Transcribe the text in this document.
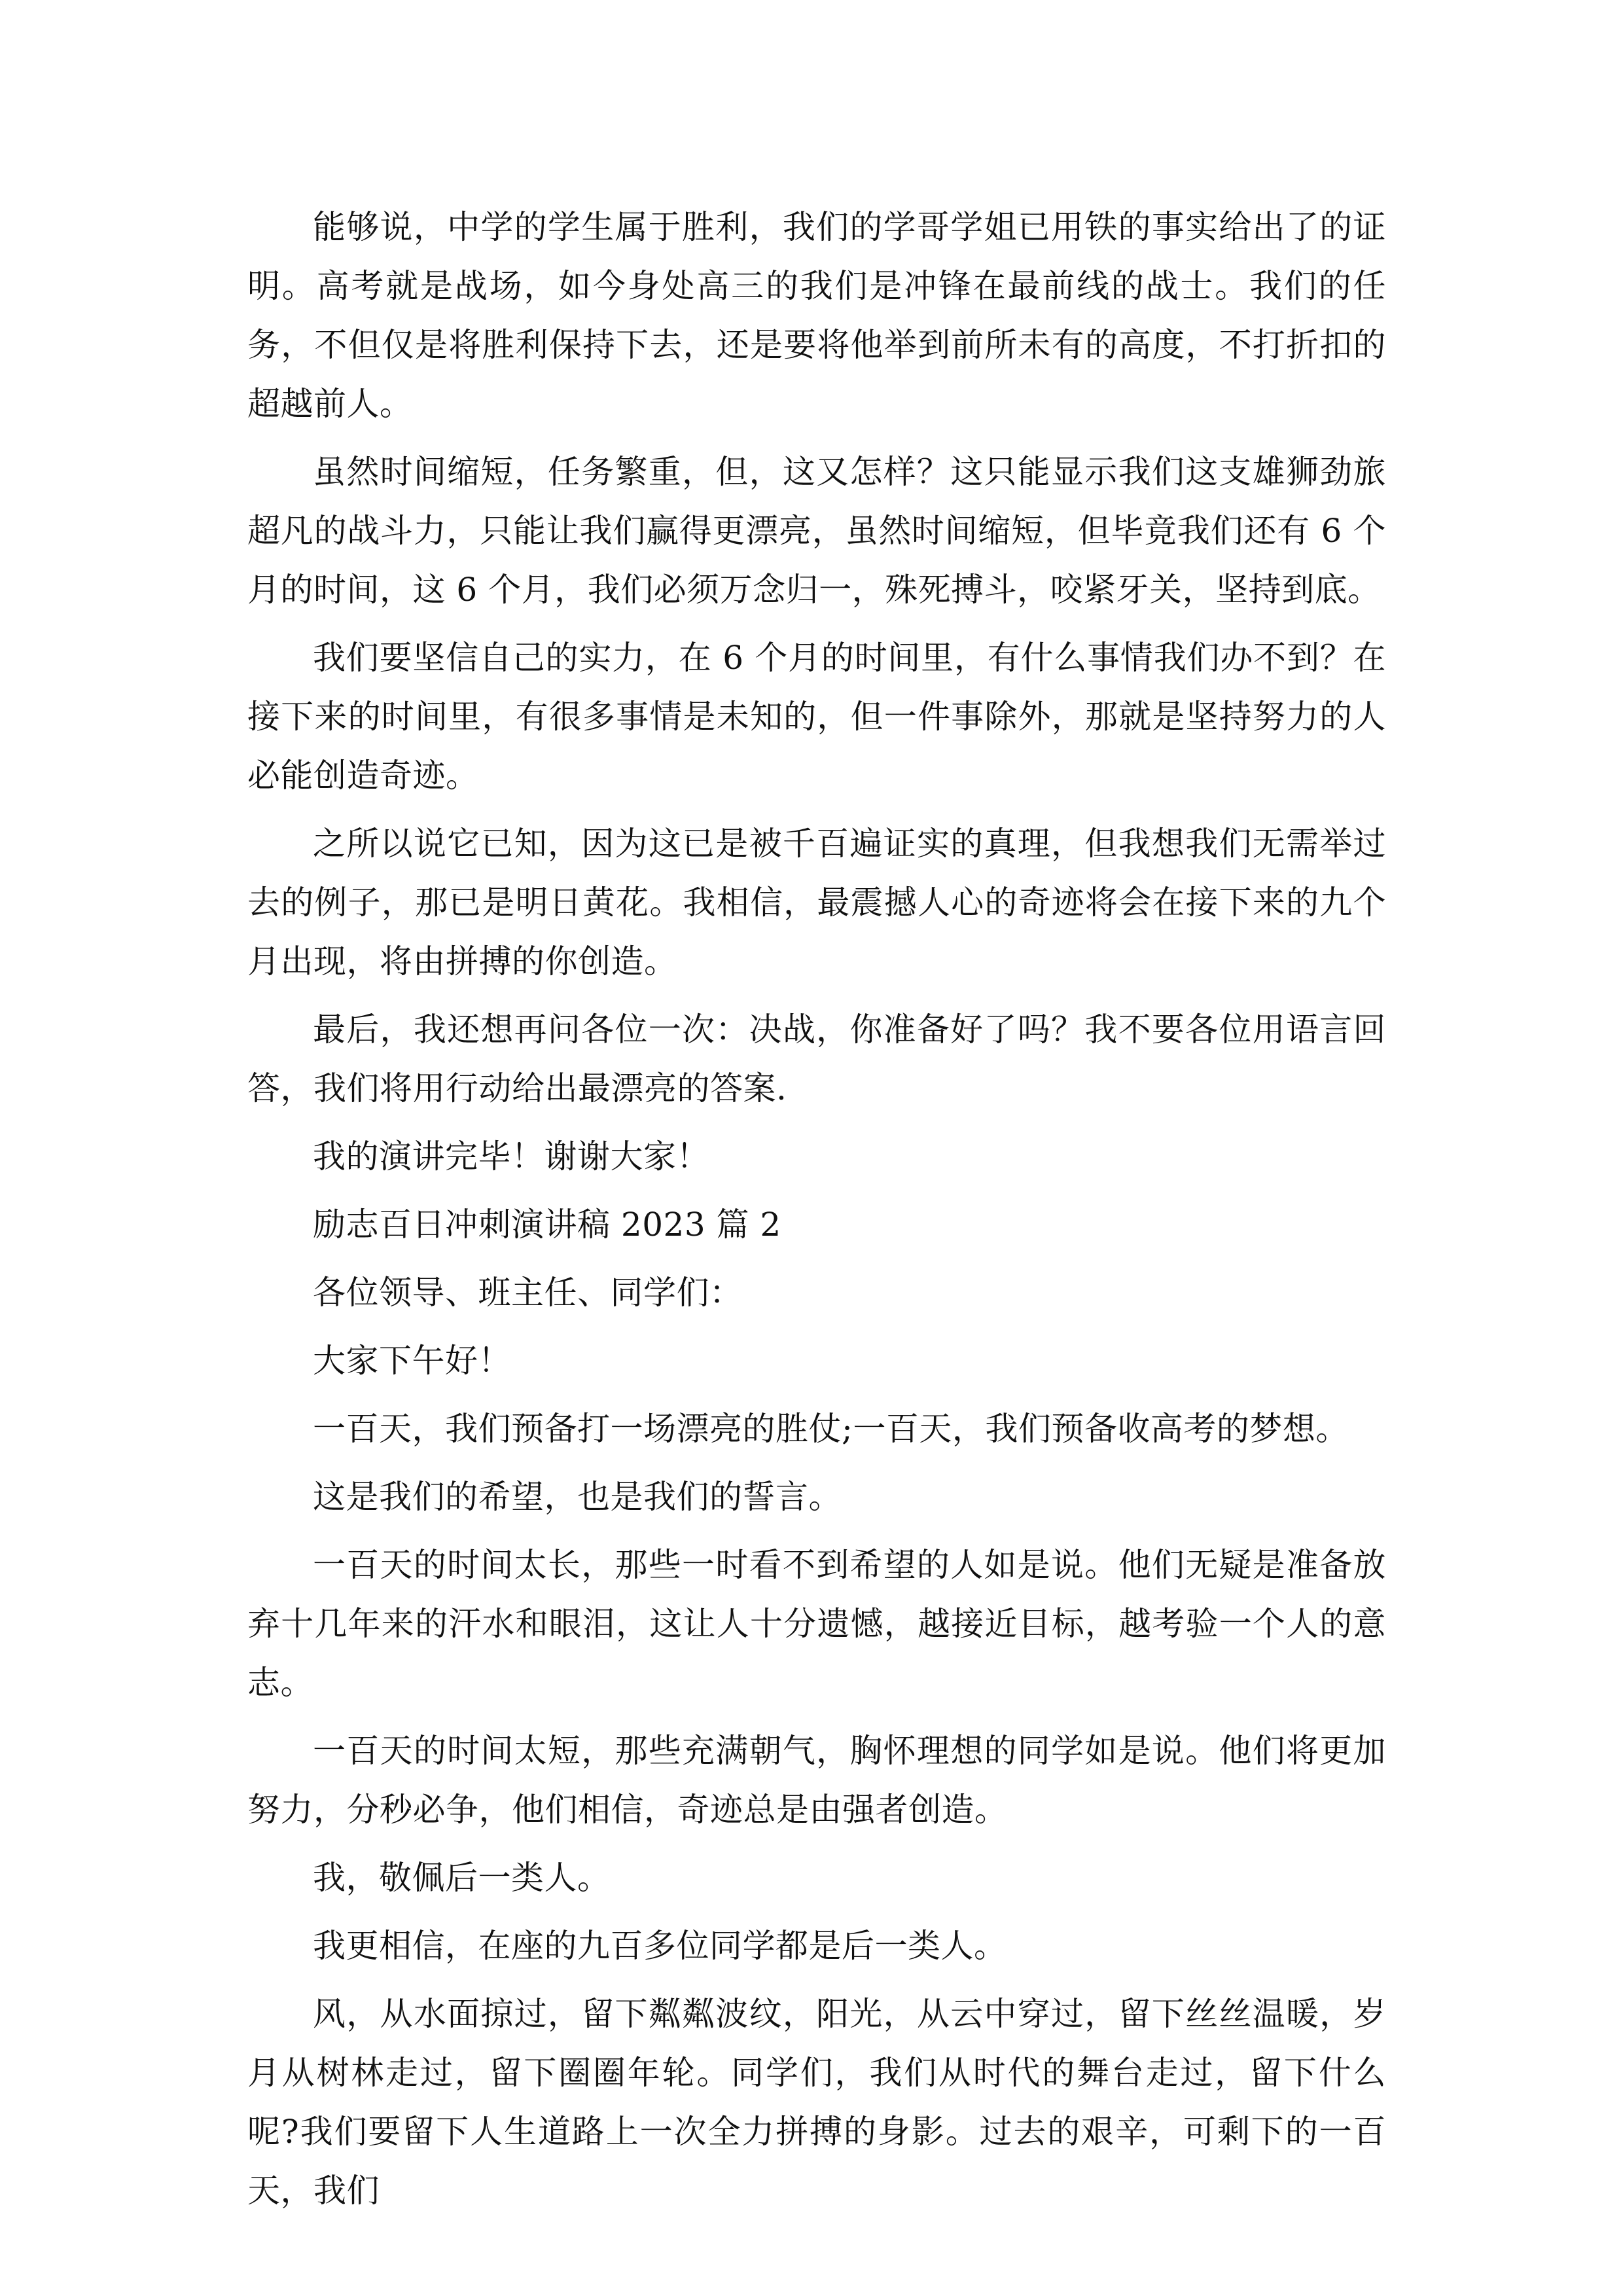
能够说，中学的学生属于胜利，我们的学哥学姐已用铁的事实给出了的证明。高考就是战场，如今身处高三的我们是冲锋在最前线的战士。我们的任务，不但仅是将胜利保持下去，还是要将他举到前所未有的高度，不打折扣的超越前人。

虽然时间缩短，任务繁重，但，这又怎样？这只能显示我们这支雄狮劲旅超凡的战斗力，只能让我们赢得更漂亮，虽然时间缩短，但毕竟我们还有 6 个月的时间，这 6 个月，我们必须万念归一，殊死搏斗，咬紧牙关，坚持到底。

我们要坚信自己的实力，在 6 个月的时间里，有什么事情我们办不到？在接下来的时间里，有很多事情是未知的，但一件事除外，那就是坚持努力的人必能创造奇迹。

之所以说它已知，因为这已是被千百遍证实的真理，但我想我们无需举过去的例子，那已是明日黄花。我相信，最震撼人心的奇迹将会在接下来的九个月出现，将由拼搏的你创造。

最后，我还想再问各位一次：决战，你准备好了吗？我不要各位用语言回答，我们将用行动给出最漂亮的答案.

我的演讲完毕！谢谢大家！

励志百日冲刺演讲稿 2023 篇 2

各位领导、班主任、同学们：

大家下午好！

一百天，我们预备打一场漂亮的胜仗;一百天，我们预备收高考的梦想。

这是我们的希望，也是我们的誓言。

一百天的时间太长，那些一时看不到希望的人如是说。他们无疑是准备放弃十几年来的汗水和眼泪，这让人十分遗憾，越接近目标，越考验一个人的意志。

一百天的时间太短，那些充满朝气，胸怀理想的同学如是说。他们将更加努力，分秒必争，他们相信，奇迹总是由强者创造。

我，敬佩后一类人。

我更相信，在座的九百多位同学都是后一类人。

风，从水面掠过，留下粼粼波纹，阳光，从云中穿过，留下丝丝温暖，岁月从树林走过，留下圈圈年轮。同学们，我们从时代的舞台走过，留下什么呢?我们要留下人生道路上一次全力拼搏的身影。过去的艰辛，可剩下的一百天，我们
